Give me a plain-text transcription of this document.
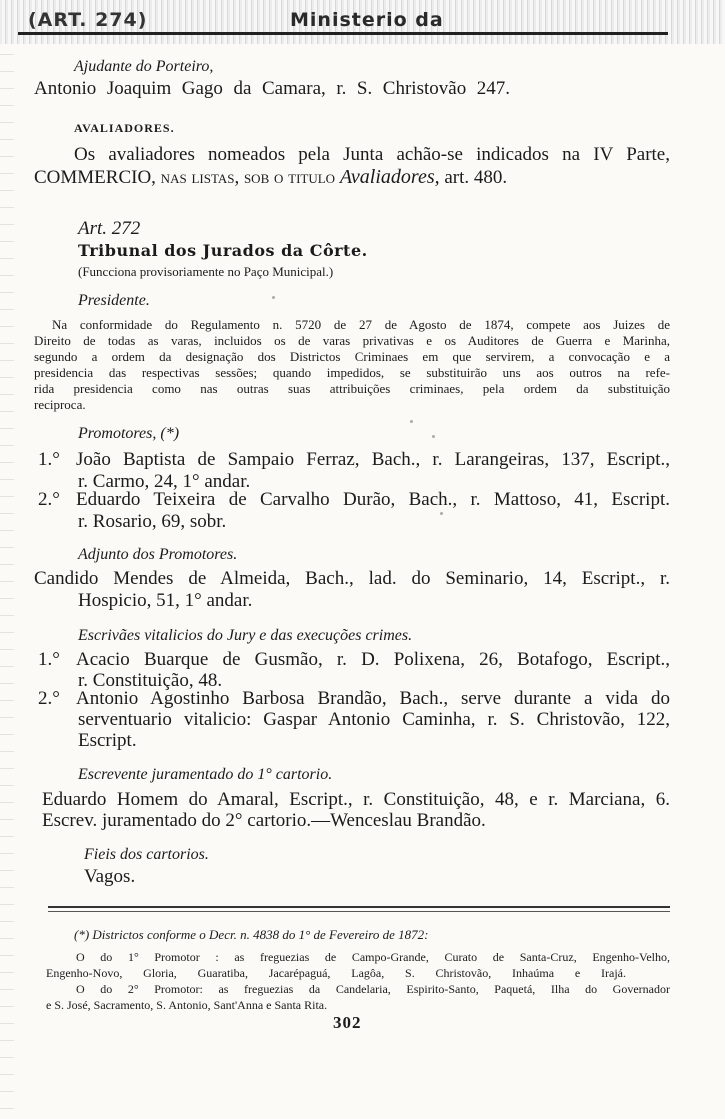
(ART. 274)	Ministerio da
Ajudante do Porteiro,
Antonio Joaquim Gago da Camara, r. S. Christovão 247.
AVALIADORES.
Os avaliadores nomeados pela Junta achão-se indicados na IV Parte,
COMMERCIO, nas listas, sob o titulo Avaliadores, art. 480.
Art. 272
Tribunal dos Jurados da Côrte.
(Funcciona provisoriamente no Paço Municipal.)
Presidente.
Na conformidade do Regulamento n. 5720 de 27 de Agosto de 1874, compete aos Juizes de
Direito de todas as varas, incluidos os de varas privativas e os Auditores de Guerra e Marinha,
segundo a ordem da designação dos Districtos Criminaes em que servirem, a convocação e a
presidencia das respectivas sessões; quando impedidos, se substituirão uns aos outros na refe-
rida presidencia como nas outras suas attribuições criminaes, pela ordem da substituição
reciproca.
Promotores, (*)
1.° João Baptista de Sampaio Ferraz, Bach., r. Larangeiras, 137, Escript.,
r. Carmo, 24, 1° andar.
2.° Eduardo Teixeira de Carvalho Durão, Bach., r. Mattoso, 41, Escript.
r. Rosario, 69, sobr.
Adjunto dos Promotores.
Candido Mendes de Almeida, Bach., lad. do Seminario, 14, Escript., r.
Hospicio, 51, 1° andar.
Escrivães vitalicios do Jury e das execuções crimes.
1.° Acacio Buarque de Gusmão, r. D. Polixena, 26, Botafogo, Escript.,
r. Constituição, 48.
2.° Antonio Agostinho Barbosa Brandão, Bach., serve durante a vida do
serventuario vitalicio: Gaspar Antonio Caminha, r. S. Christovão, 122,
Escript.
Escrevente juramentado do 1° cartorio.
Eduardo Homem do Amaral, Escript., r. Constituição, 48, e r. Marciana, 6.
Escrev. juramentado do 2° cartorio.—Wenceslau Brandão.
Fieis dos cartorios.
Vagos.
(*) Districtos conforme o Decr. n. 4838 do 1° de Fevereiro de 1872:
O do 1° Promotor : as freguezias de Campo-Grande, Curato de Santa-Cruz, Engenho-Velho,
Engenho-Novo, Gloria, Guaratiba, Jacarépaguá, Lagôa, S. Christovão, Inhaúma e Irajá.
O do 2° Promotor: as freguezias da Candelaria, Espirito-Santo, Paquetá, Ilha do Governador
e S. José, Sacramento, S. Antonio, Sant'Anna e Santa Rita.
302
